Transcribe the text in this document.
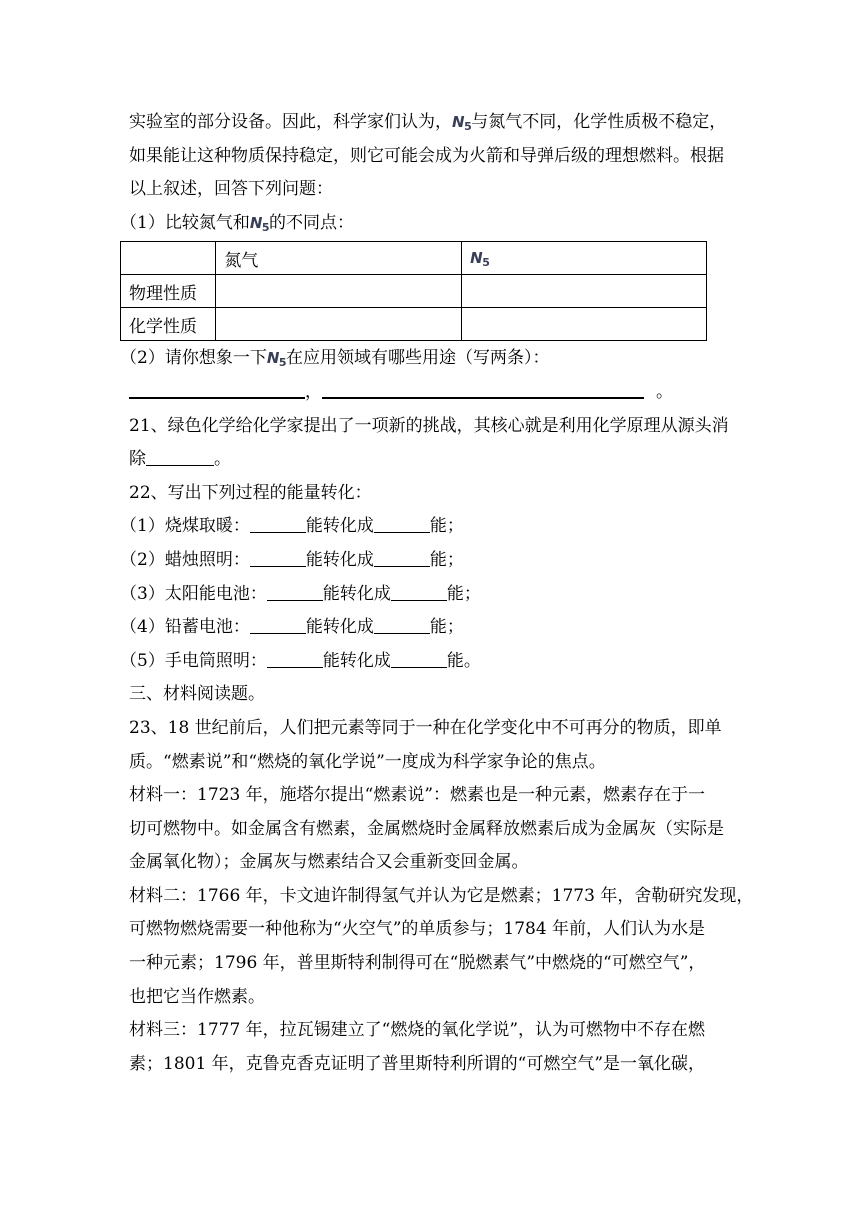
实验室的部分设备。因此，科学家们认为，$N_5$与氮气不同，化学性质极不稳定，
如果能让这种物质保持稳定，则它可能会成为火箭和导弹后级的理想燃料。根据
以上叙述，回答下列问题：
（1）比较氮气和$N_5$的不同点：
	氮气	$N_5$
物理性质		
化学性质		
（2）请你想象一下$N_5$在应用领域有哪些用途（写两条）：
，	。
21、绿色化学给化学家提出了一项新的挑战，其核心就是利用化学原理从源头消
除	。
22、写出下列过程的能量转化：
（1）烧煤取暖：	能转化成	能；
（2）蜡烛照明：	能转化成	能；
（3）太阳能电池：	能转化成	能；
（4）铅蓄电池：	能转化成	能；
（5）手电筒照明：	能转化成	能。
三、材料阅读题。
23、18 世纪前后，人们把元素等同于一种在化学变化中不可再分的物质，即单
质。“燃素说”和“燃烧的氧化学说”一度成为科学家争论的焦点。
材料一：1723 年，施塔尔提出“燃素说”：燃素也是一种元素，燃素存在于一
切可燃物中。如金属含有燃素，金属燃烧时金属释放燃素后成为金属灰（实际是
金属氧化物）；金属灰与燃素结合又会重新变回金属。
材料二：1766 年，卡文迪许制得氢气并认为它是燃素；1773 年，舍勒研究发现，
可燃物燃烧需要一种他称为“火空气”的单质参与；1784 年前，人们认为水是
一种元素；1796 年，普里斯特利制得可在“脱燃素气”中燃烧的“可燃空气”，
也把它当作燃素。
材料三：1777 年，拉瓦锡建立了“燃烧的氧化学说”，认为可燃物中不存在燃
素；1801 年，克鲁克香克证明了普里斯特利所谓的“可燃空气”是一氧化碳，
